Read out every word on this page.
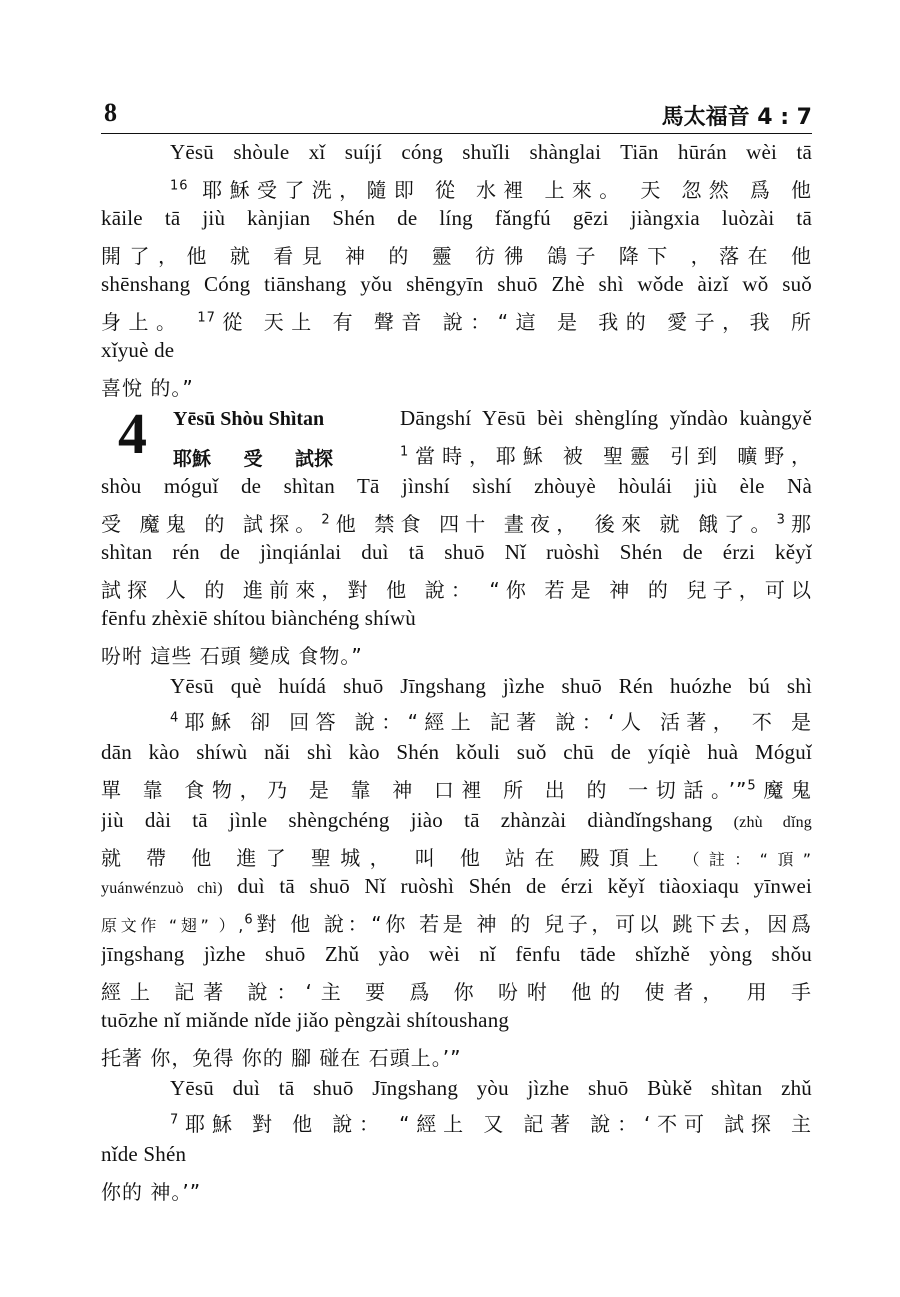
8	馬太福音 4 : 7
4 Yēsū Shòu Shìtan
耶穌 受 試探

Yēsū shòule xǐ suíjí cóng shuǐli shànglai Tiān hūrán wèi tā

$^{16}$ 耶穌受了洗，隨即 從 水裡 上來。 天 忽然 爲 他

kāile tā jiù kànjian Shén de líng fǎngfú gēzi jiàngxia luòzài tā

開了，他 就 看見 神 的 靈 彷彿 鴿子 降下 ，落在 他

shēnshang Cóng tiānshang yǒu shēngyīn shuō Zhè shì wǒde àizǐ wǒ suǒ

身上。 $^{17}$從 天上 有 聲音 說：“這 是 我的 愛子，我 所

xǐyuè de

喜悅 的。”

Dāngshí Yēsū bèi shènglíng yǐndào kuàngyě

$^1$當時，耶穌 被 聖靈 引到 曠野，

shòu móguǐ de shìtan Tā jìnshí sìshí zhòuyè hòulái jiù èle Nà

受 魔鬼 的 試探。$^2$他 禁食 四十 晝夜， 後來 就 餓了。$^3$那

shìtan rén de jìnqiánlai duì tā shuō Nǐ ruòshì Shén de érzi kěyǐ

試探 人 的 進前來，對 他 說： “你 若是 神 的 兒子，可以

fēnfu zhèxiē shítou biànchéng shíwù

吩咐 這些 石頭 變成 食物。”

Yēsū què huídá shuō Jīngshang jìzhe shuō Rén huózhe bú shì

$^4$耶穌 卻 回答 說：“經上 記著 說：‘人 活著， 不 是

dān kào shíwù nǎi shì kào Shén kǒuli suǒ chū de yíqiè huà Móguǐ

單 靠 食物，乃 是 靠 神 口裡 所 出 的 一切話。’”$^5$魔鬼

jiù dài tā jìnle shèngchéng jiào tā zhànzài diàndǐngshang (zhù dǐng

就 帶 他 進了 聖城， 叫 他 站在 殿頂上 （註：“頂”

yuánwénzuò chì) duì tā shuō Nǐ ruòshì Shén de érzi kěyǐ tiàoxiaqu yīnwei

原文作 “翅” ）,$^6$對 他 說：“你 若是 神 的 兒子，可以 跳下去，因爲

jīngshang jìzhe shuō Zhǔ yào wèi nǐ fēnfu tāde shǐzhě yòng shǒu

經上 記著 說：‘主 要 爲 你 吩咐 他的 使者， 用 手

tuōzhe nǐ miǎnde nǐde jiǎo pèngzài shítoushang

托著 你，免得 你的 腳 碰在 石頭上。’”

Yēsū duì tā shuō Jīngshang yòu jìzhe shuō Bùkě shìtan zhǔ

$^7$耶穌 對 他 說： “經上 又 記著 說：‘不可 試探 主

nǐde Shén

你的 神。’”
